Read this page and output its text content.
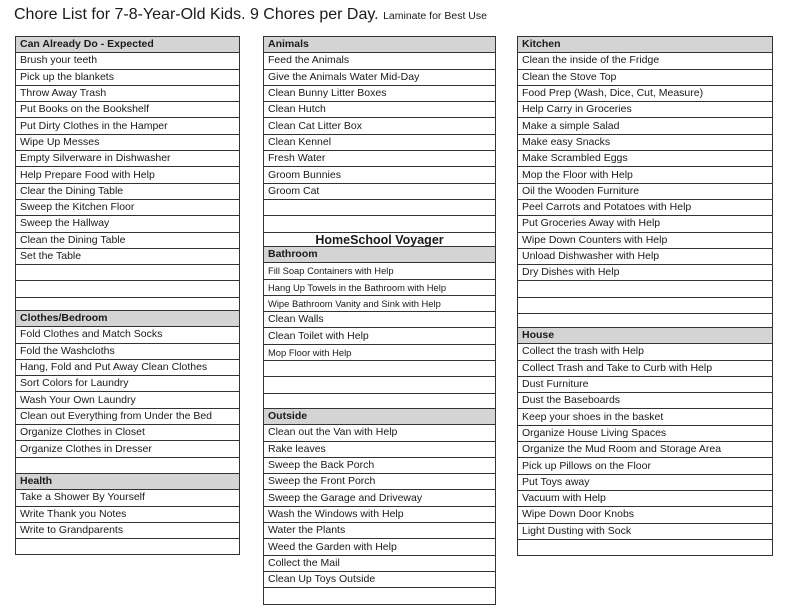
Chore List for 7-8-Year-Old Kids. 9 Chores per Day. Laminate for Best Use
Can Already Do - Expected
Brush your teeth
Pick up the blankets
Throw Away Trash
Put Books on the Bookshelf
Put Dirty Clothes in the Hamper
Wipe Up Messes
Empty Silverware in Dishwasher
Help Prepare Food with Help
Clear the Dining Table
Sweep the Kitchen Floor
Sweep the Hallway
Clean the Dining Table
Set the Table

Clothes/Bedroom
Fold Clothes and Match Socks
Fold the Washcloths
Hang, Fold and Put Away Clean Clothes
Sort Colors for Laundry
Wash Your Own Laundry
Clean out Everything from Under the Bed
Organize Clothes in Closet
Organize Clothes in Dresser

Health
Take a Shower By Yourself
Write Thank you Notes
Write to Grandparents

Animals
Feed the Animals
Give the Animals Water Mid-Day
Clean Bunny Litter Boxes
Clean Hutch
Clean Cat Litter Box
Clean Kennel
Fresh Water
Groom Bunnies
Groom Cat

HomeSchool Voyager
Bathroom
Fill Soap Containers with Help
Hang Up Towels in the Bathroom with Help
Wipe Bathroom Vanity and Sink with Help
Clean Walls
Clean Toilet with Help
Mop Floor with Help

Outside
Clean out the Van with Help
Rake leaves
Sweep the Back Porch
Sweep the Front Porch
Sweep the Garage and Driveway
Wash the Windows with Help
Water the Plants
Weed the Garden with Help
Collect the Mail
Clean Up Toys Outside

Kitchen
Clean the inside of the Fridge
Clean the Stove Top
Food Prep (Wash, Dice, Cut, Measure)
Help Carry in Groceries
Make a simple Salad
Make easy Snacks
Make Scrambled Eggs
Mop the Floor with Help
Oil the Wooden Furniture
Peel Carrots and Potatoes with Help
Put Groceries Away with Help
Wipe Down Counters with Help
Unload Dishwasher with Help
Dry Dishes with Help

House
Collect the trash with Help
Collect Trash and Take to Curb with Help
Dust Furniture
Dust the Baseboards
Keep your shoes in the basket
Organize House Living Spaces
Organize the Mud Room and Storage Area
Pick up Pillows on the Floor
Put Toys away
Vacuum with Help
Wipe Down Door Knobs
Light Dusting with Sock
